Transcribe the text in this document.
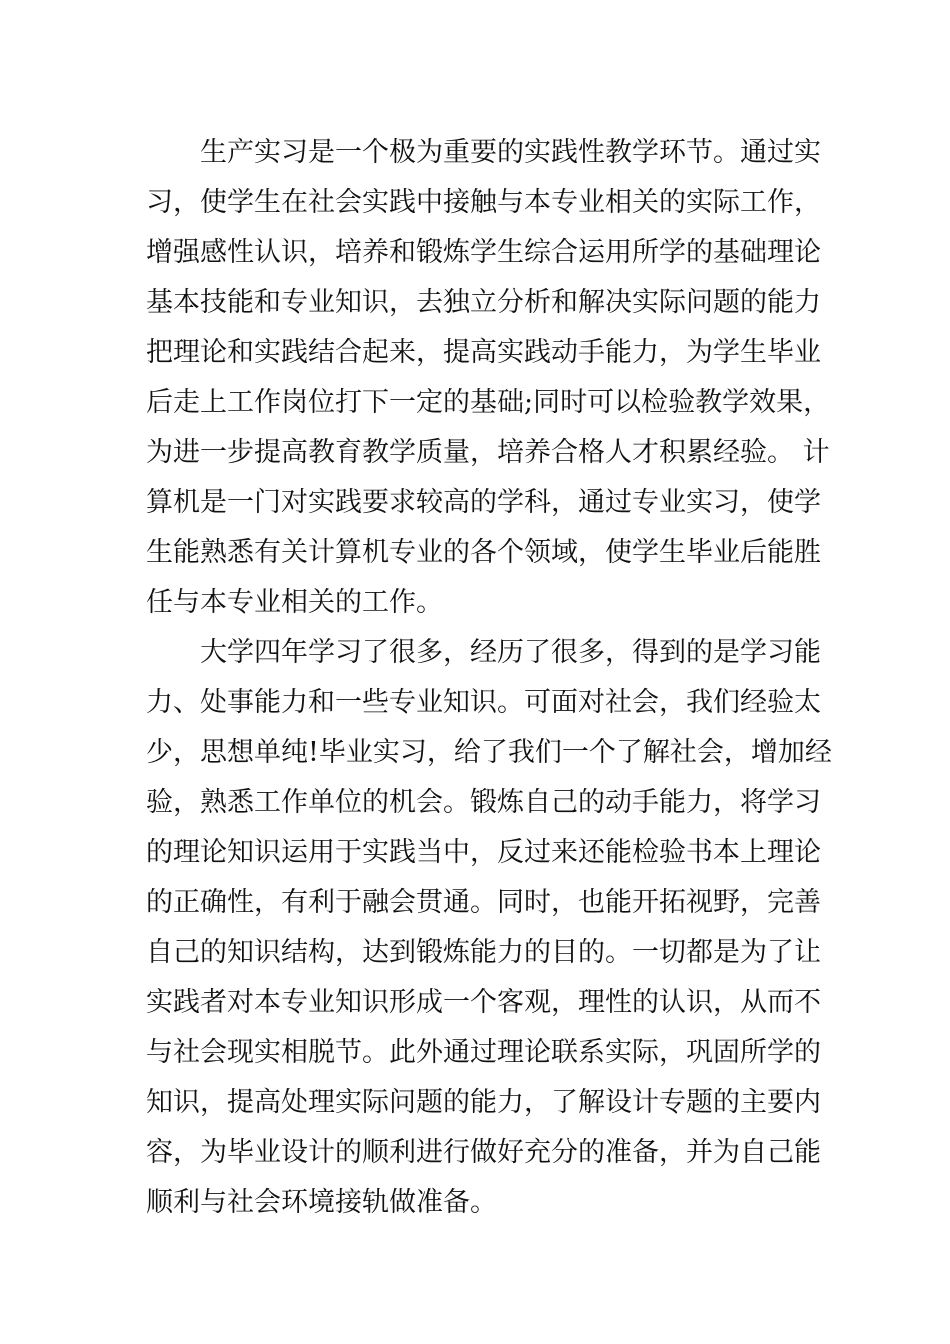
生产实习是一个极为重要的实践性教学环节。通过实
习，使学生在社会实践中接触与本专业相关的实际工作，
增强感性认识，培养和锻炼学生综合运用所学的基础理论
基本技能和专业知识，去独立分析和解决实际问题的能力
把理论和实践结合起来，提高实践动手能力，为学生毕业
后走上工作岗位打下一定的基础;同时可以检验教学效果，
为进一步提高教育教学质量，培养合格人才积累经验。 计
算机是一门对实践要求较高的学科，通过专业实习，使学
生能熟悉有关计算机专业的各个领域，使学生毕业后能胜
任与本专业相关的工作。
大学四年学习了很多，经历了很多，得到的是学习能
力、处事能力和一些专业知识。可面对社会，我们经验太
少，思想单纯!毕业实习，给了我们一个了解社会，增加经
验，熟悉工作单位的机会。锻炼自己的动手能力，将学习
的理论知识运用于实践当中，反过来还能检验书本上理论
的正确性，有利于融会贯通。同时，也能开拓视野，完善
自己的知识结构，达到锻炼能力的目的。一切都是为了让
实践者对本专业知识形成一个客观，理性的认识，从而不
与社会现实相脱节。此外通过理论联系实际，巩固所学的
知识，提高处理实际问题的能力，了解设计专题的主要内
容，为毕业设计的顺利进行做好充分的准备，并为自己能
顺利与社会环境接轨做准备。
